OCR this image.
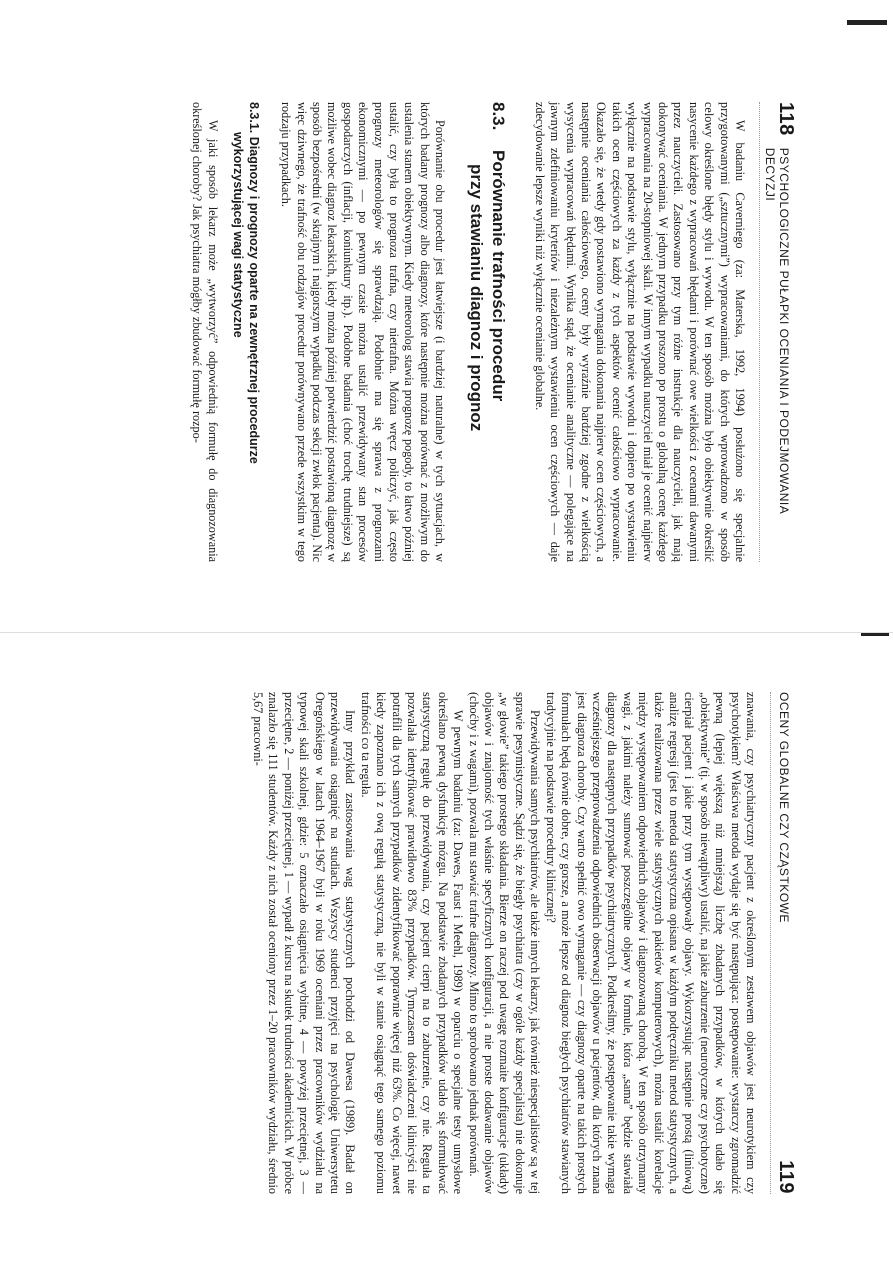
118
PSYCHOLOGICZNE PUŁAPKI OCENIANIA I PODEJMOWANIA DECYZJI

W badaniu Caverniego (za: Materska, 1992, 1994) posłużono się specjalnie przygotowanymi („sztucznymi”) wypracowaniami, do których wprowadzono w sposób celowy określone błędy stylu i wywodu. W ten sposób można było obiektywnie określić nasycenie każdego z wypracowań błędami i porównać owe wielkości z ocenami dawanymi przez nauczycieli. Zastosowano przy tym różne instrukcje dla nauczycieli, jak mają dokonywać oceniania. W jednym przypadku proszono po prostu o globalną ocenę każdego wypracowania na 20-stopniowej skali. W innym wypadku nauczyciel miał je ocenić najpierw wyłącznie na podstawie stylu, wyłącznie na podstawie wywodu i dopiero po wystawieniu takich ocen częściowych za każdy z tych aspektów ocenić całościowo wypracowanie. Okazało się, że wtedy gdy postawiono wymagania dokonania najpierw ocen częściowych, a następnie oceniania całościowego, oceny były wyraźnie bardziej zgodne z wielkością wysycenia wypracowań błędami. Wynika stąd, że ocenianie analityczne — polegające na jawnym zdefiniowaniu kryteriów i niezależnym wystawieniu ocen częściowych — daje zdecydowanie lepsze wyniki niż wyłącznie ocenianie globalne.

8.3.Porównanie trafności procedur
przy stawianiu diagnoz i prognoz

Porównanie obu procedur jest łatwiejsze (i bardziej naturalne) w tych sytuacjach, w których badany prognozy albo diagnozy, które następnie można porównać z możliwym do ustalenia stanem obiektywnym. Kiedy meteorolog stawia prognozę pogody, to łatwo później ustalić, czy była to prognoza trafna, czy nietrafna. Można wręcz policzyć, jak często prognozy meteorologów się sprawdzają. Podobnie ma się sprawa z prognozami ekonomicznymi — po pewnym czasie można ustalić przewidywany stan procesów gospodarczych (inflacji, koniunktury itp.). Podobne badania (choć trochę trudniejsze) są możliwe wobec diagnoz lekarskich, kiedy można później potwierdzić postawioną diagnozę w sposób bezpośredni (w skrajnym i najgorszym wypadku podczas sekcji zwłok pacjenta). Nic więc dziwnego, że trafność obu rodzajów procedur porównywano przede wszystkim w tego rodzaju przypadkach.

8.3.1. Diagnozy i prognozy oparte na zewnętrznej procedurze
wykorzystującej wagi statystyczne

W jaki sposób lekarz może „wytworzyć” odpowiednią formułę do diagnozowania określonej choroby? Jak psychiatra mógłby zbudować formułę rozpo-

OCENY GLOBALNE CZY CZĄSTKOWE
119

znawania, czy psychiatryczny pacjent z określonym zestawem objawów jest neurotykiem czy psychotykiem? Właściwa metoda wydaje się być następująca: postępowanie: wystarczy zgromadzić pewną (lepiej większą niż mniejszą) liczbę zbadanych przypadków, w których udało się „obiektywnie” (tj. w sposób niewątpliwy) ustalić, na jakie zaburzenie (neurotyczne czy psychotyczne) cierpiał pacjent i jakie przy tym występowały objawy. Wykorzystując następnie prostą (liniową) analizę regresji (jest to metoda statystyczna opisana w każdym podręczniku metod statystycznych, a także realizowana przez wiele statystycznych pakietów komputerowych), można ustalić korelacje między występowaniem odpowiednich objawów i diagnozowaną chorobą. W ten sposób otrzymamy wagi, z jakimi należy sumować poszczególne objawy w formule, która „sama” będzie stawiała diagnozy dla następnych przypadków psychiatrycznych. Podkreślmy, że postępowanie takie wymaga wcześniejszego przeprowadzenia odpowiednich obserwacji objawów u pacjentów, dla których znana jest diagnoza choroby. Czy warto spełnić owo wymaganie — czy diagnozy oparte na takich prostych formułach będą równie dobre, czy gorsze, a może lepsze od diagnoz biegłych psychiatrów stawianych tradycyjnie na podstawie procedury klinicznej?

Przewidywania samych psychiatrów, ale także innych lekarzy, jak również niespecjalistów są w tej sprawie pesymistyczne. Sądzi się, że biegły psychiatra (czy w ogóle każdy specjalista) nie dokonuje „w głowie” takiego prostego składania. Bierze on raczej pod uwagę rozmaite konfiguracje (układy) objawów i znajomość tych właśnie specyficznych konfiguracji, a nie proste dodawanie objawów (choćby i z wagami), pozwala mu stawiać trafne diagnozy. Mimo to sprobowano jednak porównań.

W pewnym badaniu (za: Dawes, Faust i Meehl, 1989) w oparciu o specjalne testy umysłowe określano pewną dysfunkcję mózgu. Na podstawie zbadanych przypadków udało się sformułować statystyczną regułę do przewidywania, czy pacjent cierpi na to zaburzenie, czy nie. Reguła ta pozwalała identyfikować prawidłowo 83% przypadków. Tymczasem doświadczeni klinicyści nie potrafili dla tych samych przypadków zidentyfikować poprawnie więcej niż 63%. Co więcej, nawet kiedy zapoznano ich z ową regułą statystyczną, nie byli w stanie osiągnąć tego samego poziomu trafności co ta reguła.

Inny przykład zastosowania wag statystycznych pochodzi od Dawesa (1989). Badał on przewidywania osiągnięć na studiach. Wszyscy studenci przyjęci na psychologię Uniwersytetu Oregońskiego w latach 1964–1967 byli w roku 1969 oceniani przez pracowników wydziału na typowej skali szkolnej, gdzie: 5 oznaczało osiągnięcia wybitne, 4 — powyżej przeciętnej, 3 — przeciętne, 2 — poniżej przeciętnej, 1 — wypadł z kursu na skutek trudności akademickich. W próbce znalazło się 111 studentów. Każdy z nich został oceniony przez 1–20 pracowników wydziału, średnio 5,67 pracowni-
